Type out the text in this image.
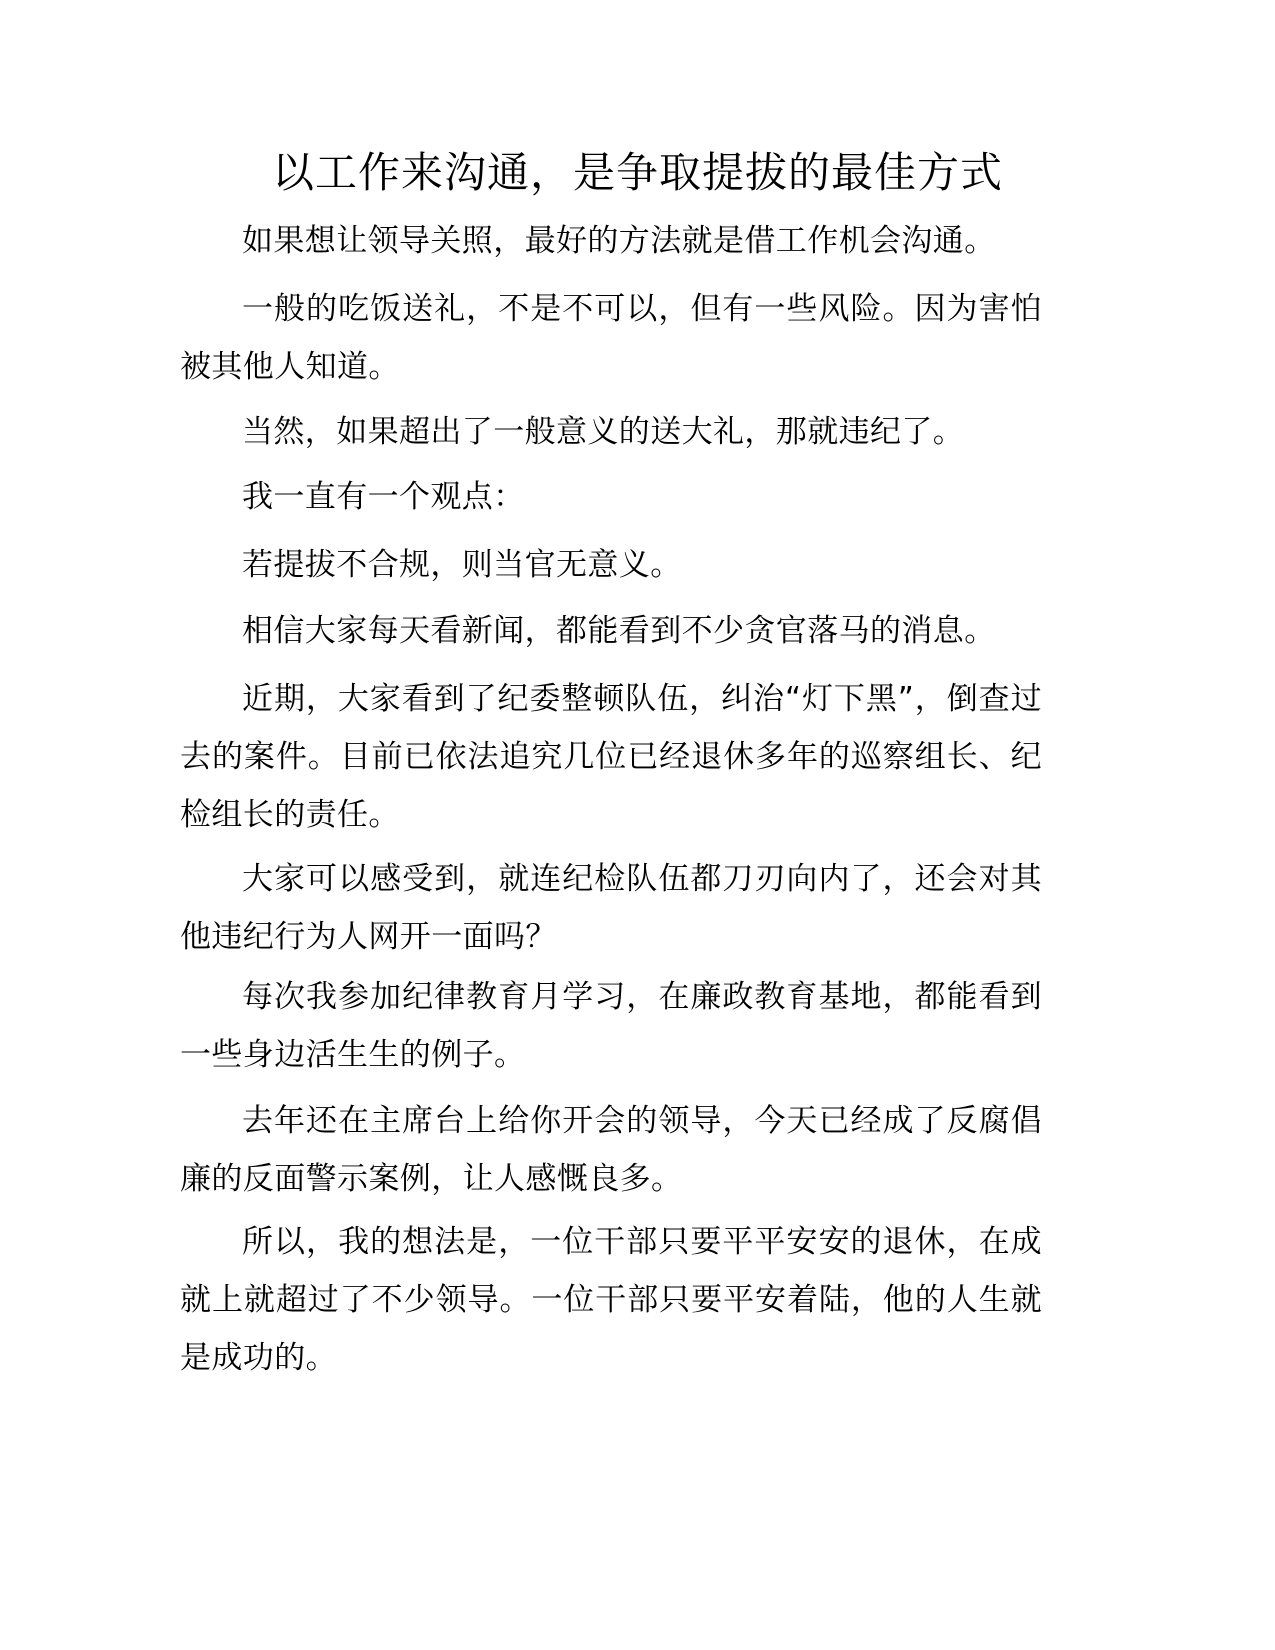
以工作来沟通，是争取提拔的最佳方式

如果想让领导关照，最好的方法就是借工作机会沟通。

一般的吃饭送礼，不是不可以，但有一些风险。因为害怕被其他人知道。

当然，如果超出了一般意义的送大礼，那就违纪了。

我一直有一个观点：

若提拔不合规，则当官无意义。

相信大家每天看新闻，都能看到不少贪官落马的消息。

近期，大家看到了纪委整顿队伍，纠治“灯下黑”，倒查过去的案件。目前已依法追究几位已经退休多年的巡察组长、纪检组长的责任。

大家可以感受到，就连纪检队伍都刀刃向内了，还会对其他违纪行为人网开一面吗？

每次我参加纪律教育月学习，在廉政教育基地，都能看到一些身边活生生的例子。

去年还在主席台上给你开会的领导，今天已经成了反腐倡廉的反面警示案例，让人感慨良多。

所以，我的想法是，一位干部只要平平安安的退休，在成就上就超过了不少领导。一位干部只要平安着陆，他的人生就是成功的。
